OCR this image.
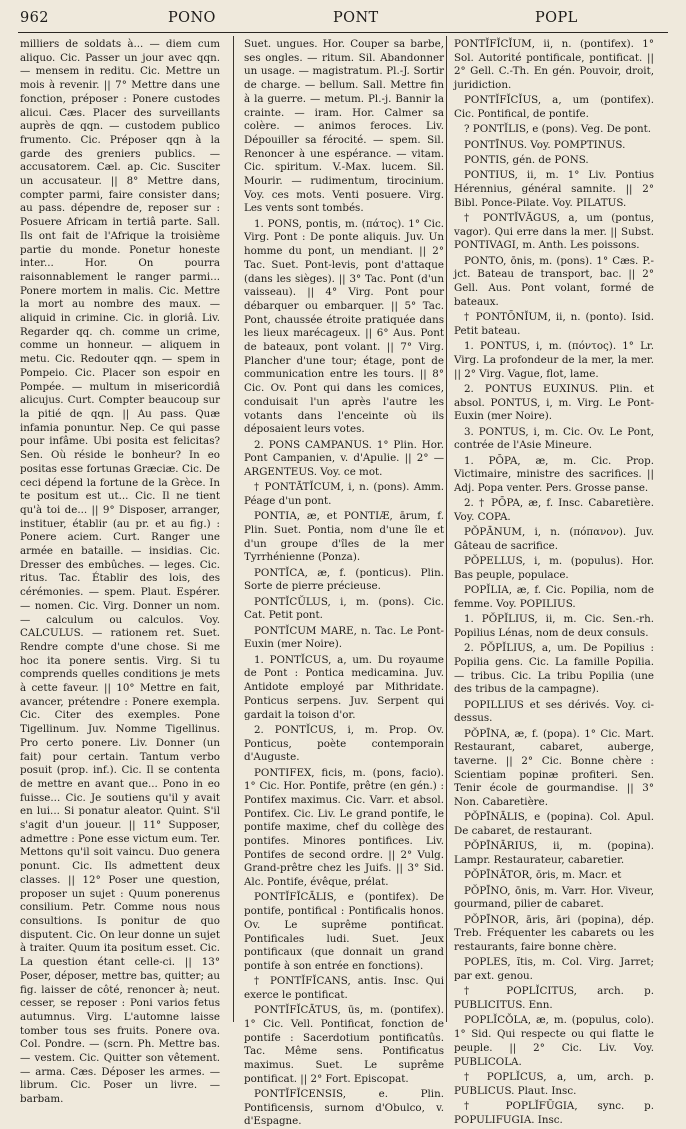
962	PONO	PONT	POPL

milliers de soldats à... — diem cum aliquo. Cic. Passer un jour avec qqn. — mensem in reditu. Cic. Mettre un mois à revenir. || 7° Mettre dans une fonction, préposer : Ponere custodes alicui. Cæs. Placer des surveillants auprès de qqn. — custodem publico frumento. Cic. Préposer qqn à la garde des greniers publics. — accusatorem. Cæl. ap. Cic. Susciter un accusateur. || 8° Mettre dans, compter parmi, faire consister dans; au pass. dépendre de, reposer sur : Posuere Africam in tertiâ parte. Sall. Ils ont fait de l'Afrique la troisième partie du monde. Ponetur honeste inter... Hor. On pourra raisonnablement le ranger parmi... Ponere mortem in malis. Cic. Mettre la mort au nombre des maux. — aliquid in crimine. Cic. in gloriâ. Liv. Regarder qq. ch. comme un crime, comme un honneur. — aliquem in metu. Cic. Redouter qqn. — spem in Pompeio. Cic. Placer son espoir en Pompée. — multum in misericordiâ alicujus. Curt. Compter beaucoup sur la pitié de qqn. || Au pass. Quæ infamia ponuntur. Nep. Ce qui passe pour infâme. Ubi posita est felicitas? Sen. Où réside le bonheur? In eo positas esse fortunas Græciæ. Cic. De ceci dépend la fortune de la Grèce. In te positum est ut... Cic. Il ne tient qu'à toi de... || 9° Disposer, arranger, instituer, établir (au pr. et au fig.) : Ponere aciem. Curt. Ranger une armée en bataille. — insidias. Cic. Dresser des embûches. — leges. Cic. ritus. Tac. Établir des lois, des cérémonies. — spem. Plaut. Espérer. — nomen. Cic. Virg. Donner un nom. — calculum ou calculos. Voy. CALCULUS. — rationem ret. Suet. Rendre compte d'une chose. Si me hoc ita ponere sentis. Virg. Si tu comprends quelles conditions je mets à cette faveur. || 10° Mettre en fait, avancer, prétendre : Ponere exempla. Cic. Citer des exemples. Pone Tigellinum. Juv. Nomme Tigellinus. Pro certo ponere. Liv. Donner (un fait) pour certain. Tantum verbo posuit (prop. inf.). Cic. Il se contenta de mettre en avant que... Pono in eo fuisse... Cic. Je soutiens qu'il y avait en lui... Si ponatur aleator. Quint. S'il s'agit d'un joueur. || 11° Supposer, admettre : Pone esse victum eum. Ter. Mettons qu'il soit vaincu. Duo generа ponunt. Cic. Ils admettent deux classes. || 12° Poser une question, proposer un sujet : Quum ponerenus consilium. Petr. Comme nous nous consultions. Is ponitur de quo disputent. Cic. On leur donne un sujet à traiter. Quum ita positum esset. Cic. La question étant celle-ci. || 13° Poser, déposer, mettre bas, quitter; au fig. laisser de côté, renoncer à; neut. cesser, se reposer : Poni varios fetus autumnus. Virg. L'automne laisse tomber tous ses fruits. Ponere ova. Col. Pondre. — (scrn. Ph. Mettre bas. — vestem. Cic. Quitter son vêtement. — arma. Cæs. Déposer les armes. — librum. Cic. Poser un livre. — barbam.

Suet. ungues. Hor. Couper sa barbe, ses ongles. — ritum. Sil. Abandonner un usage. — magistratum. Pl.-J. Sortir de charge. — bellum. Sall. Mettre fin à la guerre. — metum. Pl.-j. Bannir la crainte. — iram. Hor. Calmer sa colère. — animos feroces. Liv. Dépouiller sa férocité. — spem. Sil. Renoncer à une espérance. — vitam. Cic. spiritum. V.-Max. lucem. Sil. Mourir. — rudimentum, tirocinium. Voy. ces mots. Venti posuere. Virg. Les vents sont tombés.

1. PONS, pontis, m. (πάτος). 1° Cic. Virg. Pont : De ponte aliquis. Juv. Un homme du pont, un mendiant. || 2° Tac. Suet. Pont-levis, pont d'attaque (dans les sièges). || 3° Tac. Pont (d'un vaisseau). || 4° Virg. Pont pour débarquer ou embarquer. || 5° Tac. Pont, chaussée étroite pratiquée dans les lieux marécageux. || 6° Aus. Pont de bateaux, pont volant. || 7° Virg. Plancher d'une tour; étage, pont de communication entre les tours. || 8° Cic. Ov. Pont qui dans les comices, conduisait l'un après l'autre les votants dans l'enceinte où ils déposaient leurs votes.

2. PONS CAMPANUS. 1° Plin. Hor. Pont Campanien, v. d'Apulie. || 2° — ARGENTEUS. Voy. ce mot.

† PONTĀTĬCUM, i, n. (pons). Amm. Péage d'un pont.

PONTIA, æ, et PONTIÆ, ārum, f. Plin. Suet. Pontia, nom d'une île et d'un groupe d'îles de la mer Tyrrhénienne (Ponza).

PONTĬCA, æ, f. (ponticus). Plin. Sorte de pierre précieuse.

PONTĬCŬLUS, i, m. (pons). Cic. Cat. Petit pont.

PONTĬCUM MARE, n. Tac. Le Pont-Euxin (mer Noire).

1. PONTĬCUS, a, um. Du royaume de Pont : Pontica medicamina. Juv. Antidote employé par Mithridate. Ponticus serpens. Juv. Serpent qui gardait la toison d'or.

2. PONTĬCUS, i, m. Prop. Ov. Ponticus, poète contemporain d'Auguste.

PONTIFEX, ficis, m. (pons, facio). 1° Cic. Hor. Pontife, prêtre (en gén.) : Pontifex maximus. Cic. Varr. et absol. Pontifex. Cic. Liv. Le grand pontife, le pontife maxime, chef du collège des pontifes. Minores pontifices. Liv. Pontifes de second ordre. || 2° Vulg. Grand-prêtre chez les Juifs. || 3° Sid. Alc. Pontife, évêque, prélat.

PONTĬFĬCĀLIS, e (pontifex). De pontife, pontifical : Pontificalis honos. Ov. Le suprême pontificat. Pontificales ludi. Suet. Jeux pontificaux (que donnait un grand pontife à son entrée en fonctions).

† PONTĬFĬCANS, antis. Insc. Qui exerce le pontificat.

PONTĬFĬCĀTUS, ūs, m. (pontifex). 1° Cic. Vell. Pontificat, fonction de pontife : Sacerdotium pontificatûs. Tac. Même sens. Pontificatus maximus. Suet. Le suprême pontificat. || 2° Fort. Episcopat.

PONTĬFĬCENSIS, e. Plin. Pontificensis, surnom d'Obulco, v. d'Espagne.

PONTĬFĬCĬUM, ii, n. (pontifex). 1° Sol. Autorité pontificale, pontificat. || 2° Gell. C.-Th. En gén. Pouvoir, droit, juridiction.

PONTĬFĬCĬUS, a, um (pontifex). Cic. Pontifical, de pontife.

? PONTĬLIS, e (pons). Veg. De pont.

PONTĪNUS. Voy. POMPTINUS.

PONTIS, gén. de PONS.

PONTIUS, ii, m. 1° Liv. Pontius Hérennius, général samnite. || 2° Bibl. Ponce-Pilate. Voy. PILATUS.

† PONTĬVĀGUS, a, um (pontus, vagor). Qui erre dans la mer. || Subst. PONTIVAGI, m. Anth. Les poissons.

PONTO, ōnis, m. (pons). 1° Cæs. P.-jct. Bateau de transport, bac. || 2° Gell. Aus. Pont volant, formé de bateaux.

† PONTŌNĬUM, ii, n. (ponto). Isid. Petit bateau.

1. PONTUS, i, m. (πόντος). 1° Lr. Virg. La profondeur de la mer, la mer. || 2° Virg. Vague, flot, lame.

2. PONTUS EUXINUS. Plin. et absol. PONTUS, i, m. Virg. Le Pont-Euxin (mer Noire).

3. PONTUS, i, m. Cic. Ov. Le Pont, contrée de l'Asie Mineure.

1. PŌPA, æ, m. Cic. Prop. Victimaire, ministre des sacrifices. || Adj. Popa venter. Pers. Grosse panse.

2. † PŌPA, æ, f. Insc. Cabaretière. Voy. COPA.

PŎPĀNUM, i, n. (πόπανον). Juv. Gâteau de sacrifice.

PŎPELLUS, i, m. (populus). Hor. Bas peuple, populace.

POPĬLIA, æ, f. Cic. Popilia, nom de femme. Voy. POPILIUS.

1. PŎPĬLIUS, ii, m. Cic. Sen.-rh. Popilius Lénas, nom de deux consuls.

2. PŎPĬLIUS, a, um. De Popilius : Popilia gens. Cic. La famille Popilia. — tribus. Cic. La tribu Popilia (une des tribus de la campagne).

POPILLIUS et ses dérivés. Voy. ci-dessus.

PŎPĪNA, æ, f. (popa). 1° Cic. Mart. Restaurant, cabaret, auberge, taverne. || 2° Cic. Bonne chère : Scientiam popinæ profiteri. Sen. Tenir école de gourmandise. || 3° Non. Cabaretière.

PŎPĪNĀLIS, e (popina). Col. Apul. De cabaret, de restaurant.

PŎPĪNĀRIUS, ii, m. (popina). Lampr. Restaurateur, cabaretier.

PŎPĪNĀTOR, ōris, m. Macr. et

PŎPĪNO, ōnis, m. Varr. Hor. Viveur, gourmand, pilier de cabaret.

PŎPĪNOR, āris, āri (popina), dép. Treb. Fréquenter les cabarets ou les restaurants, faire bonne chère.

POPLES, ĭtis, m. Col. Virg. Jarret; par ext. genou.

† POPLĬCITUS, arch. p. PUBLICITUS. Enn.

POPLĬCŎLA, æ, m. (populus, colo). 1° Sid. Qui respecte ou qui flatte le peuple. || 2° Cic. Liv. Voy. PUBLICOLA.

† POPLĬCUS, a, um, arch. p. PUBLICUS. Plaut. Insc.

† POPLĬFŪGIA, sync. p. POPULIFUGIA. Insc.
